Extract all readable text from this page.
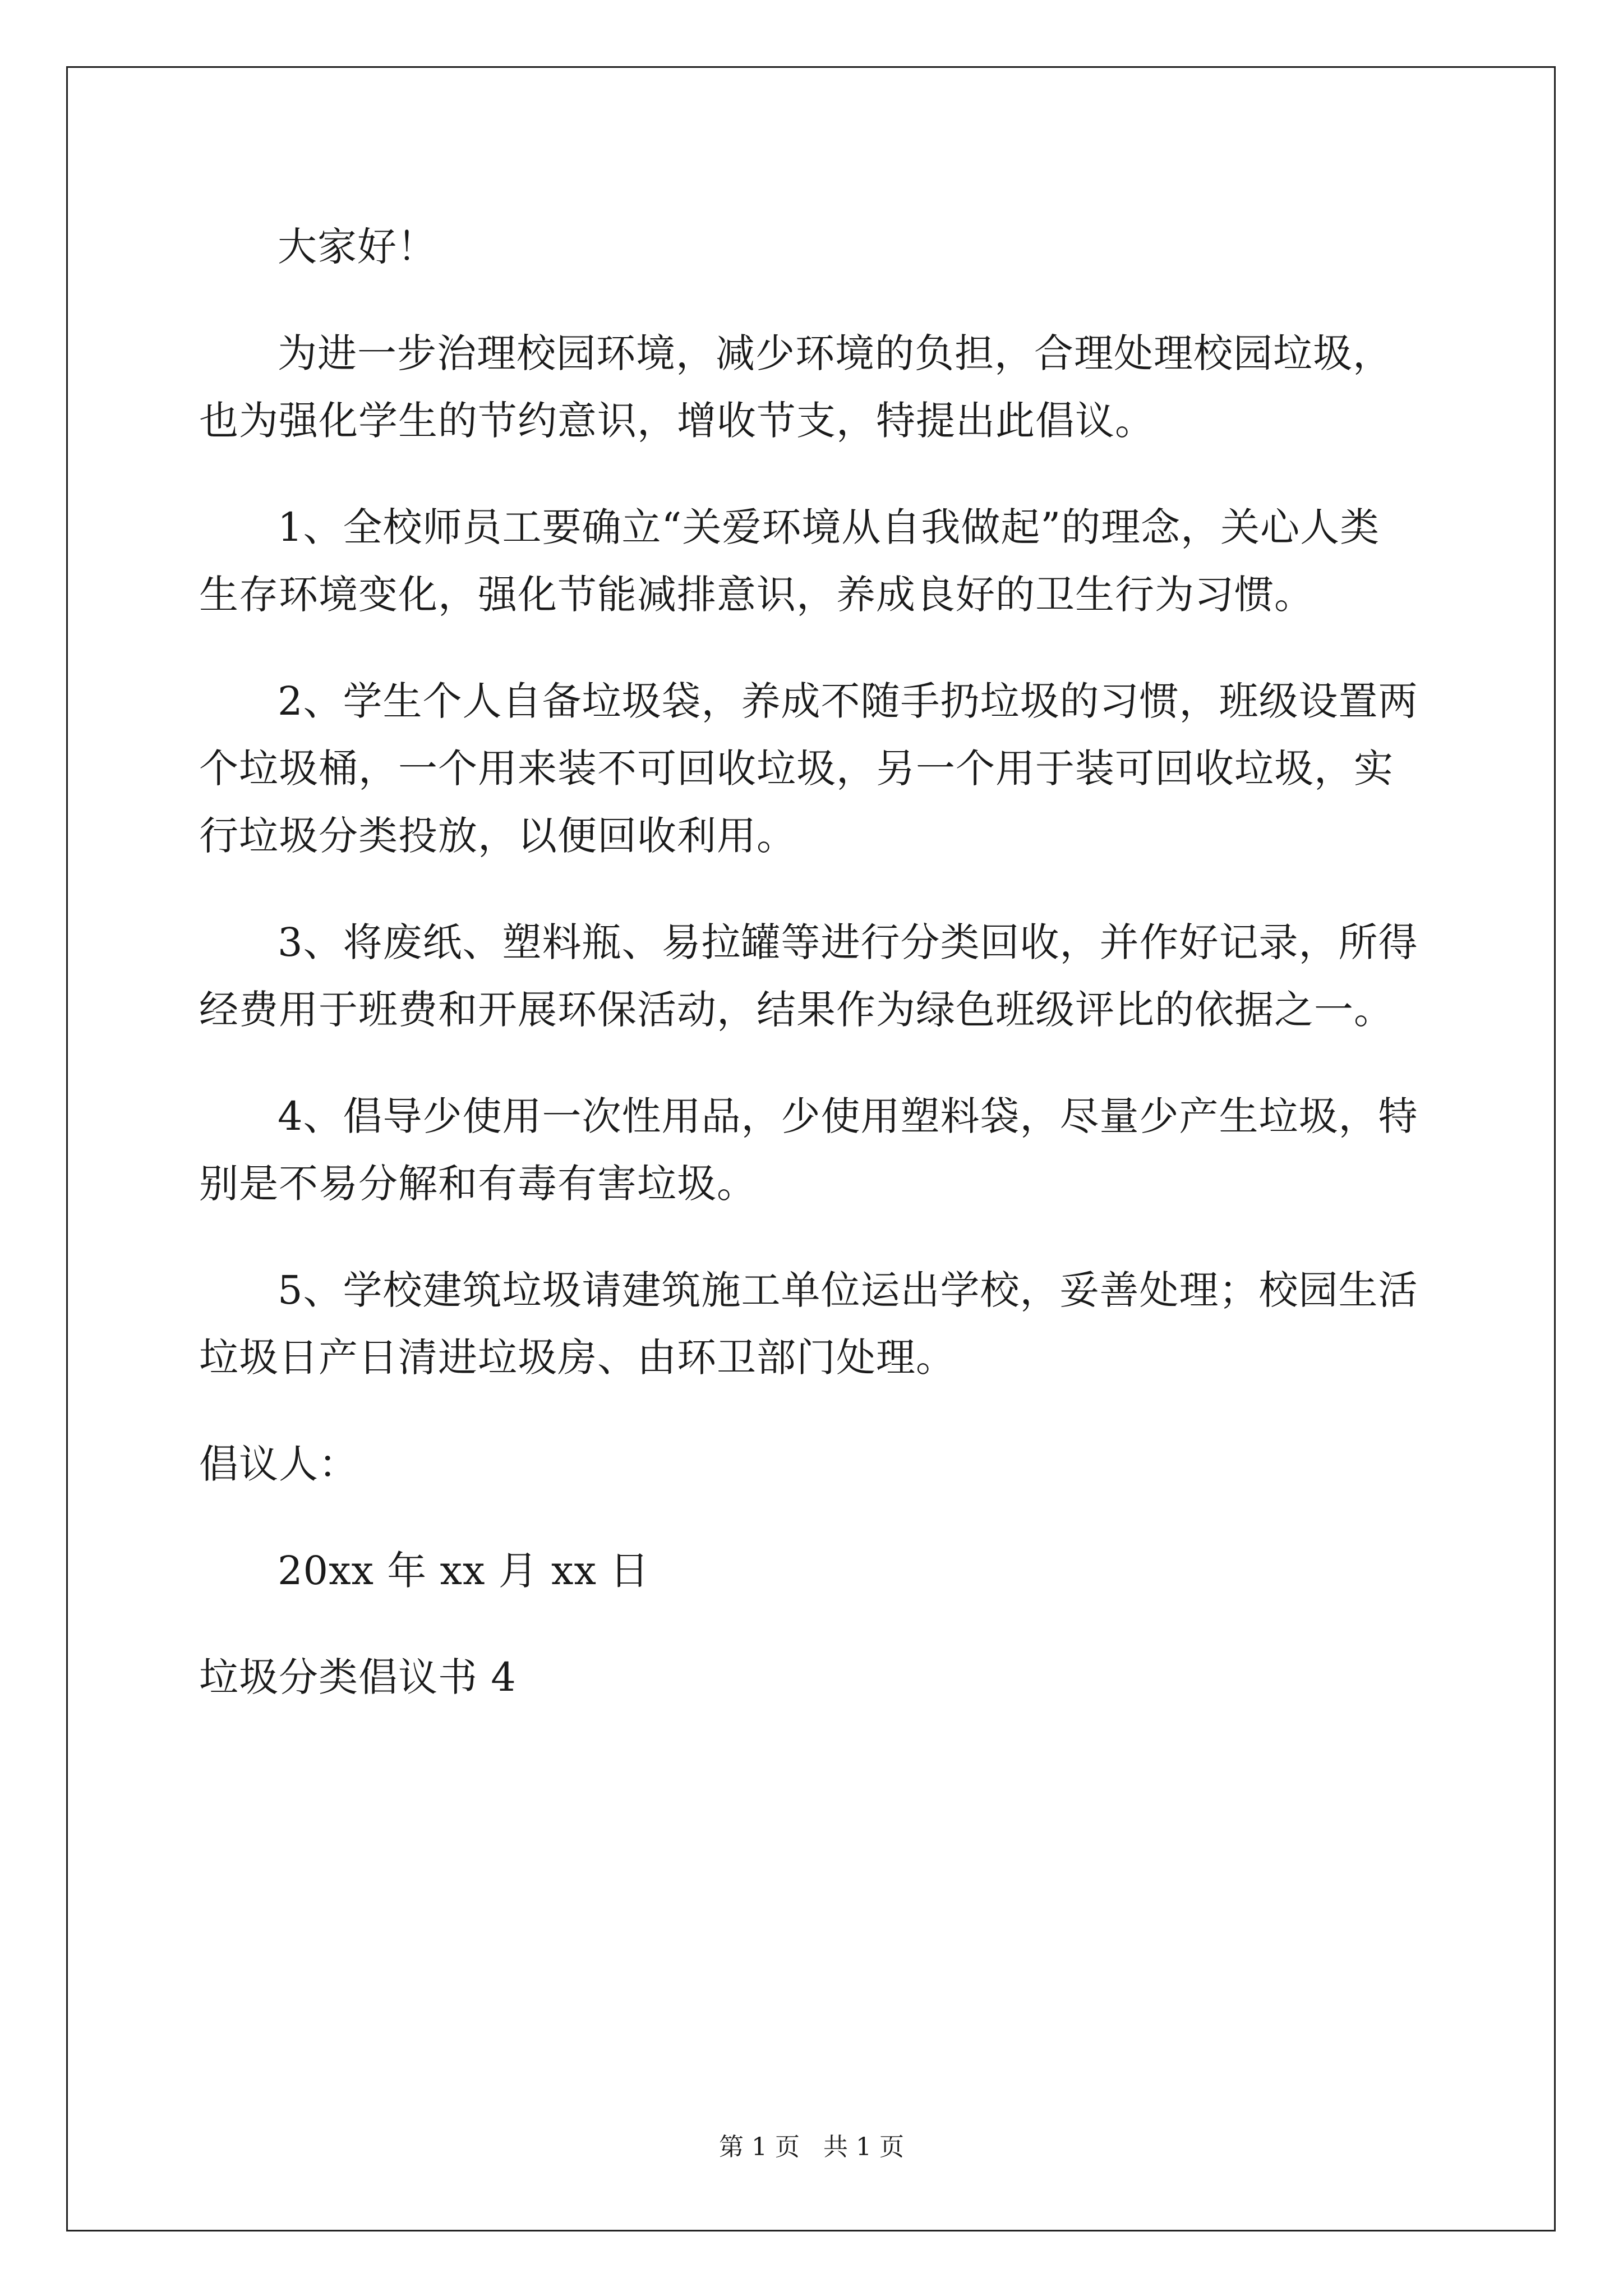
大家好！
为进一步治理校园环境，减少环境的负担，合理处理校园垃圾，
也为强化学生的节约意识，增收节支，特提出此倡议。
1、全校师员工要确立“关爱环境从自我做起”的理念，关心人类
生存环境变化，强化节能减排意识，养成良好的卫生行为习惯。
2、学生个人自备垃圾袋，养成不随手扔垃圾的习惯，班级设置两
个垃圾桶，一个用来装不可回收垃圾，另一个用于装可回收垃圾，实
行垃圾分类投放，以便回收利用。
3、将废纸、塑料瓶、易拉罐等进行分类回收，并作好记录，所得
经费用于班费和开展环保活动，结果作为绿色班级评比的依据之一。
4、倡导少使用一次性用品，少使用塑料袋，尽量少产生垃圾，特
别是不易分解和有毒有害垃圾。
5、学校建筑垃圾请建筑施工单位运出学校，妥善处理；校园生活
垃圾日产日清进垃圾房、由环卫部门处理。
倡议人：
20xx 年 xx 月 xx 日
垃圾分类倡议书 4
第 1 页   共 1 页
